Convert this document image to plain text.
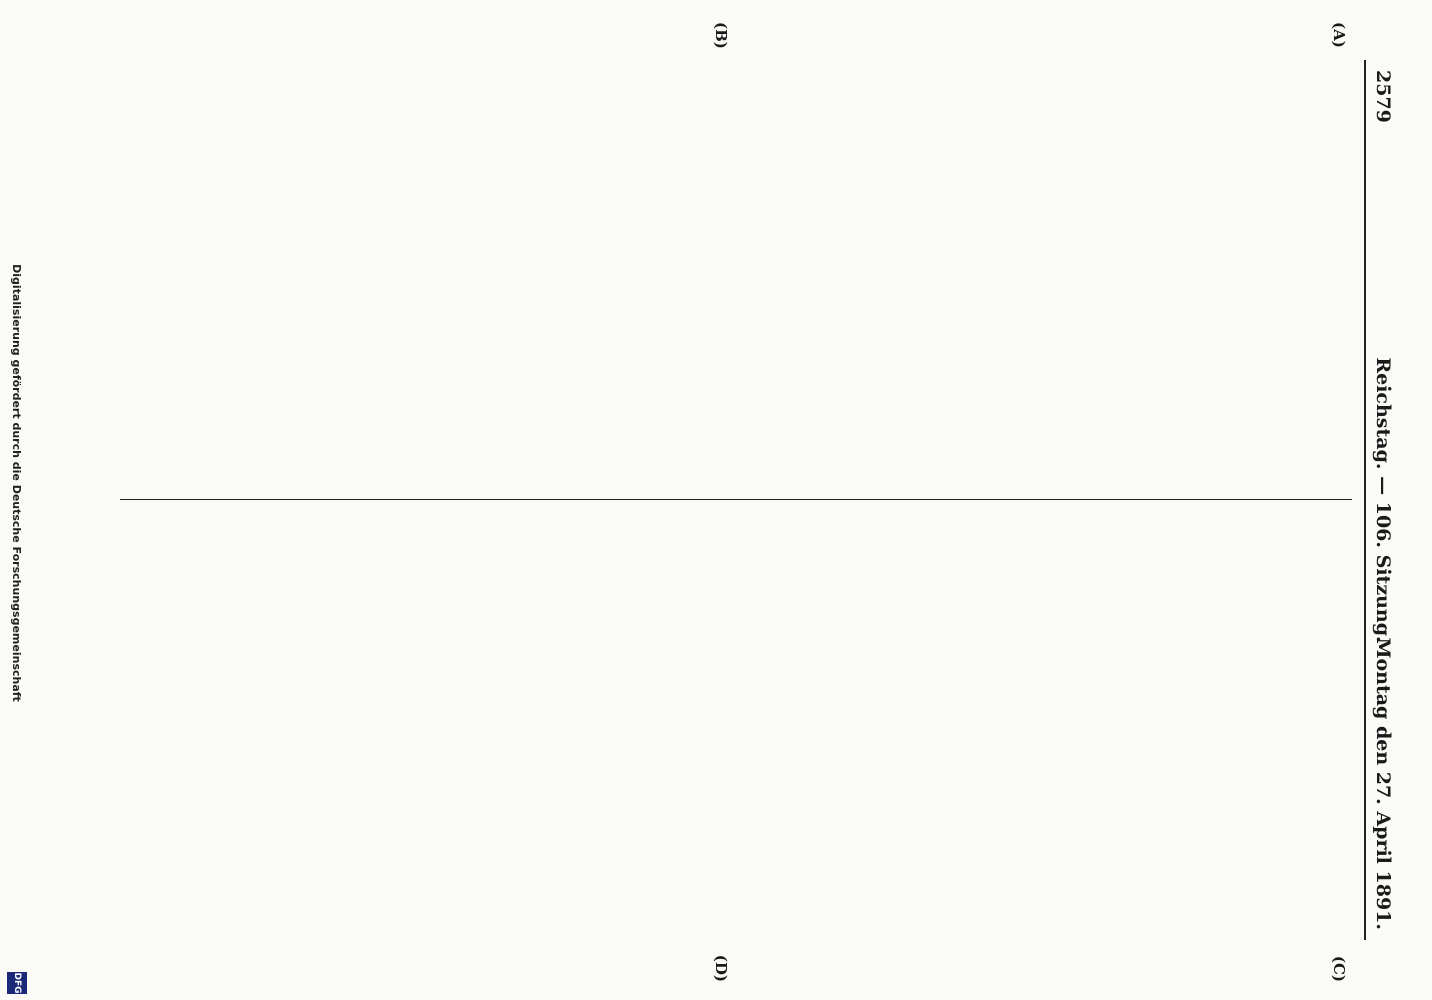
2579
Reichstag. — 106. Sitzung.
Montag den 27. April 1891.
(A)
(B)
(C)
(D)

Digitalisierung gefördert durch die Deutsche Forschungsgemeinschaft
DFG
